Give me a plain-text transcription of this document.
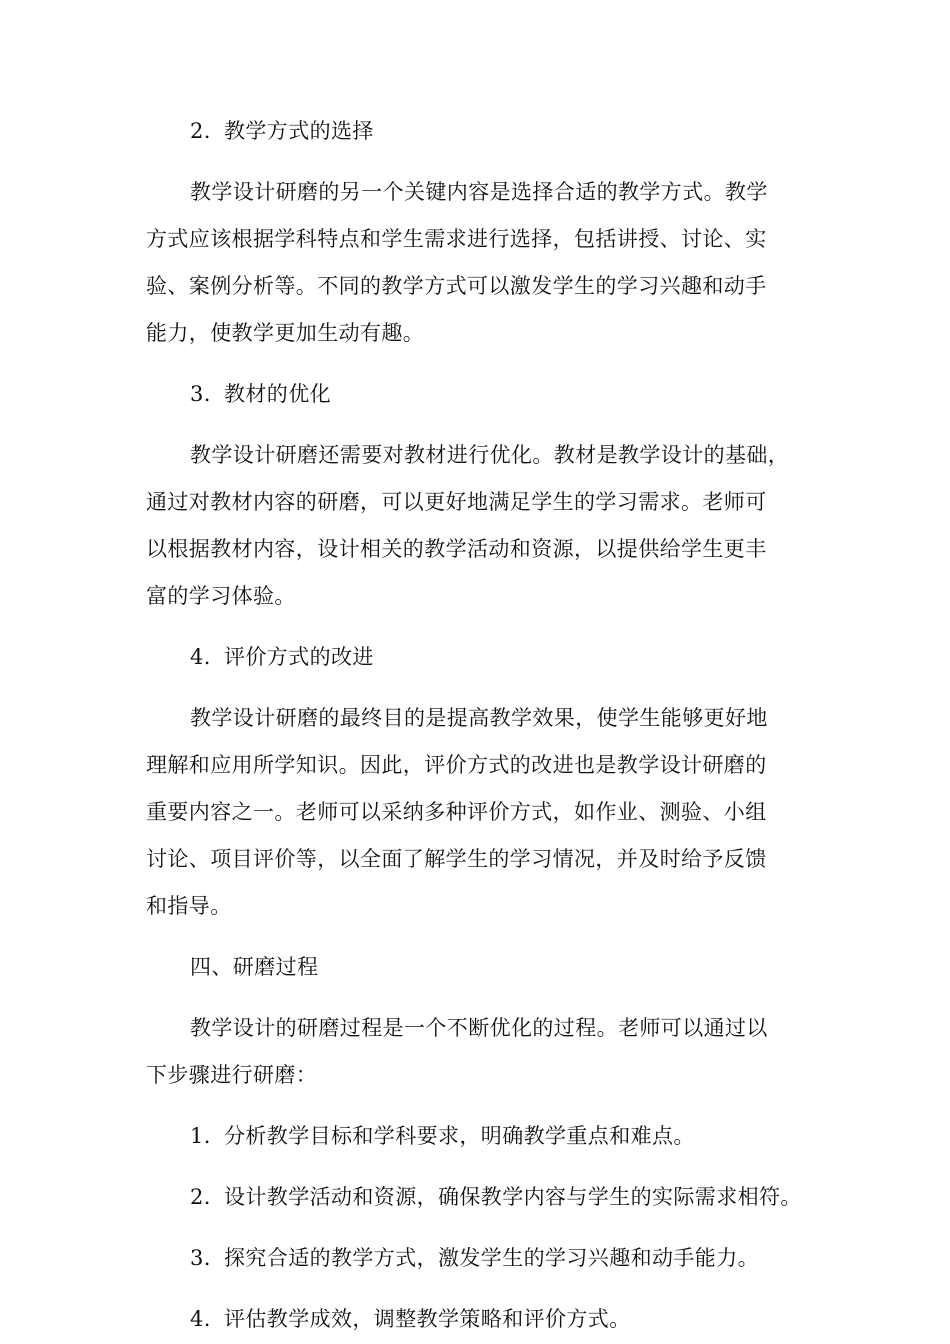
2. 教学方式的选择
教学设计研磨的另一个关键内容是选择合适的教学方式。教学
方式应该根据学科特点和学生需求进行选择，包括讲授、讨论、实
验、案例分析等。不同的教学方式可以激发学生的学习兴趣和动手
能力，使教学更加生动有趣。
3. 教材的优化
教学设计研磨还需要对教材进行优化。教材是教学设计的基础，
通过对教材内容的研磨，可以更好地满足学生的学习需求。老师可
以根据教材内容，设计相关的教学活动和资源，以提供给学生更丰
富的学习体验。
4. 评价方式的改进
教学设计研磨的最终目的是提高教学效果，使学生能够更好地
理解和应用所学知识。因此，评价方式的改进也是教学设计研磨的
重要内容之一。老师可以采纳多种评价方式，如作业、测验、小组
讨论、项目评价等，以全面了解学生的学习情况，并及时给予反馈
和指导。
四、研磨过程
教学设计的研磨过程是一个不断优化的过程。老师可以通过以
下步骤进行研磨：
1. 分析教学目标和学科要求，明确教学重点和难点。
2. 设计教学活动和资源，确保教学内容与学生的实际需求相符。
3. 探究合适的教学方式，激发学生的学习兴趣和动手能力。
4. 评估教学成效，调整教学策略和评价方式。
